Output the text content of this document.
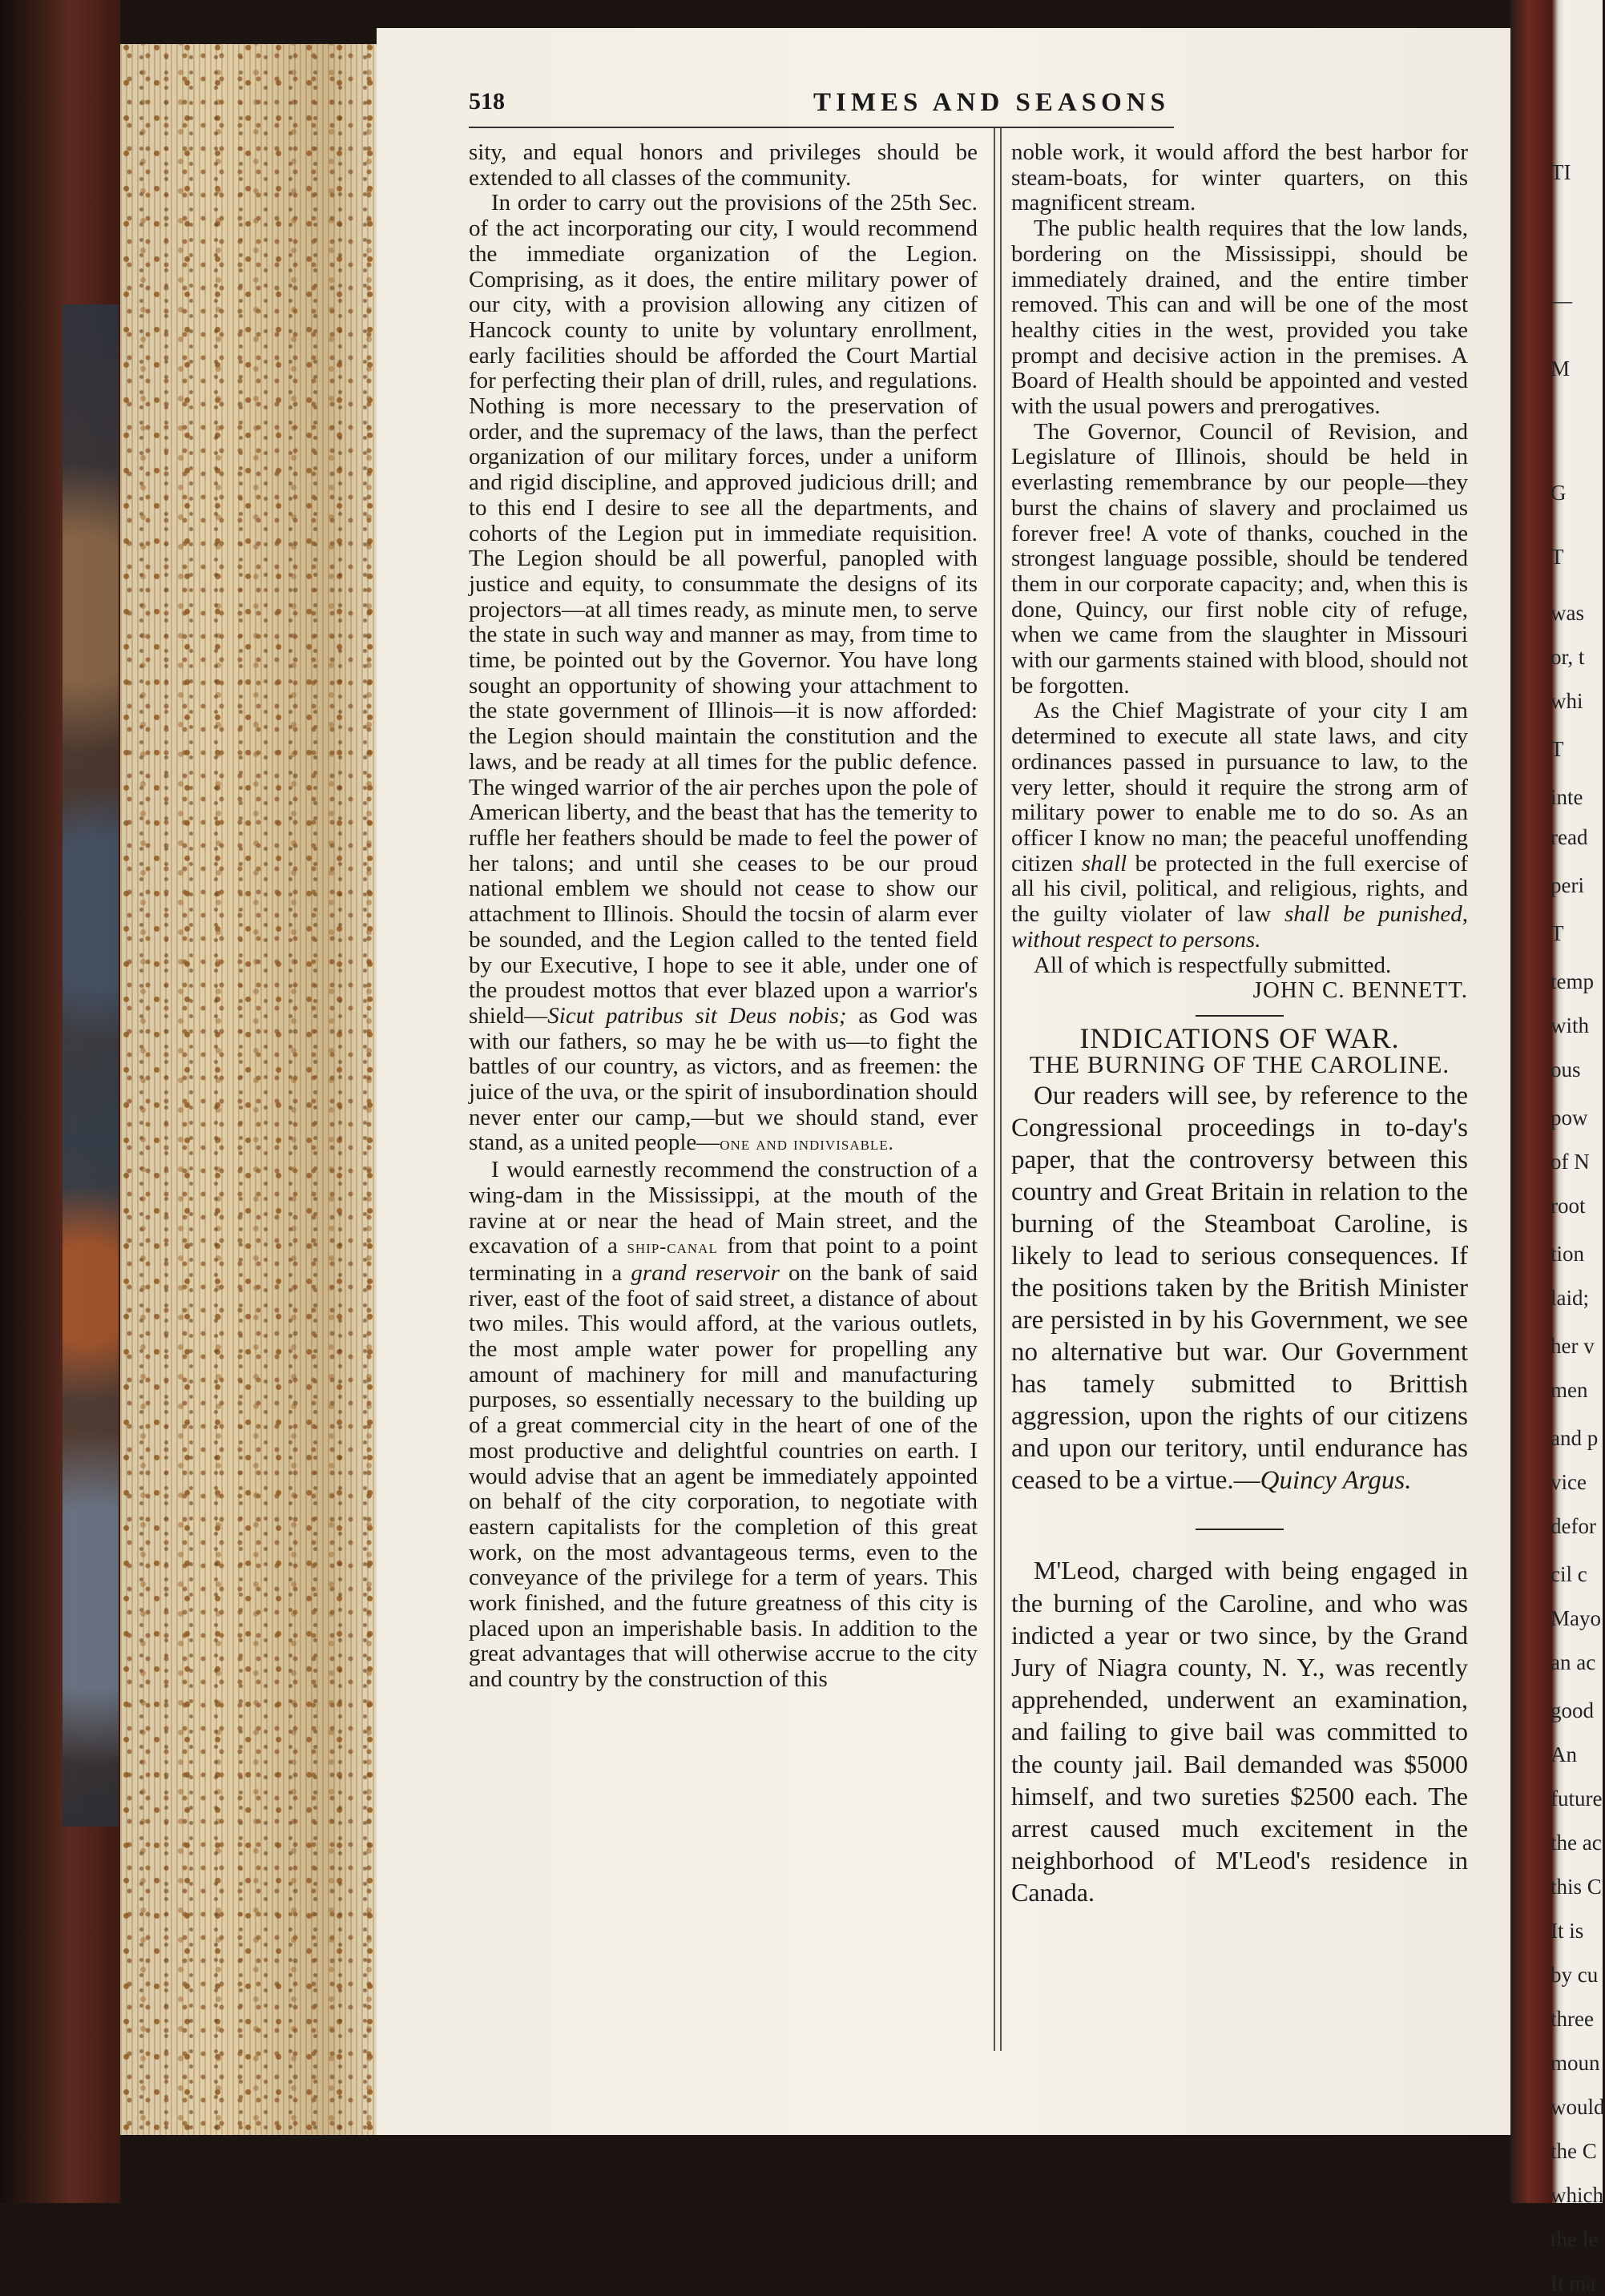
TI
—
M
G
T
was
or, t
whi
T
inte
read
peri
T
temp
with
ous
pow
of N
root
tion
laid;
her v
men
and p
vice
defor
cil c
Mayo
an ac
good
An
future
the ac
this C
It is
by cu
three
moun
would
the C
which
the le
It ma
518	TIMES AND SEASONS

sity, and equal honors and privileges should be extended to all classes of the community.

In order to carry out the provisions of the 25th Sec. of the act incorporating our city, I would recommend the immediate organization of the Legion. Comprising, as it does, the entire military power of our city, with a provision allowing any citizen of Hancock county to unite by voluntary enrollment, early facilities should be afforded the Court Martial for perfecting their plan of drill, rules, and regulations. Nothing is more necessary to the preservation of order, and the supremacy of the laws, than the perfect organization of our military forces, under a uniform and rigid discipline, and approved judicious drill; and to this end I desire to see all the departments, and cohorts of the Legion put in immediate requisition. The Legion should be all powerful, panopled with justice and equity, to consummate the designs of its projectors—at all times ready, as minute men, to serve the state in such way and manner as may, from time to time, be pointed out by the Governor. You have long sought an opportunity of showing your attachment to the state government of Illinois—it is now afforded: the Legion should maintain the constitution and the laws, and be ready at all times for the public defence. The winged warrior of the air perches upon the pole of American liberty, and the beast that has the temerity to ruffle her feathers should be made to feel the power of her talons; and until she ceases to be our proud national emblem we should not cease to show our attachment to Illinois. Should the tocsin of alarm ever be sounded, and the Legion called to the tented field by our Executive, I hope to see it able, under one of the proudest mottos that ever blazed upon a warrior's shield—Sicut patribus sit Deus nobis; as God was with our fathers, so may he be with us—to fight the battles of our country, as victors, and as freemen: the juice of the uva, or the spirit of insubordination should never enter our camp,—but we should stand, ever stand, as a united people—one and indivisable.

I would earnestly recommend the construction of a wing-dam in the Mississippi, at the mouth of the ravine at or near the head of Main street, and the excavation of a ship-canal from that point to a point terminating in a grand reservoir on the bank of said river, east of the foot of said street, a distance of about two miles. This would afford, at the various outlets, the most ample water power for propelling any amount of machinery for mill and manufacturing purposes, so essentially necessary to the building up of a great commercial city in the heart of one of the most productive and delightful countries on earth. I would advise that an agent be immediately appointed on behalf of the city corporation, to negotiate with eastern capitalists for the completion of this great work, on the most advantageous terms, even to the conveyance of the privilege for a term of years. This work finished, and the future greatness of this city is placed upon an imperishable basis. In addition to the great advantages that will otherwise accrue to the city and country by the construction of this

noble work, it would afford the best harbor for steam-boats, for winter quarters, on this magnificent stream.

The public health requires that the low lands, bordering on the Mississippi, should be immediately drained, and the entire timber removed. This can and will be one of the most healthy cities in the west, provided you take prompt and decisive action in the premises. A Board of Health should be appointed and vested with the usual powers and prerogatives.

The Governor, Council of Revision, and Legislature of Illinois, should be held in everlasting remembrance by our people—they burst the chains of slavery and proclaimed us forever free! A vote of thanks, couched in the strongest language possible, should be tendered them in our corporate capacity; and, when this is done, Quincy, our first noble city of refuge, when we came from the slaughter in Missouri with our garments stained with blood, should not be forgotten.

As the Chief Magistrate of your city I am determined to execute all state laws, and city ordinances passed in pursuance to law, to the very letter, should it require the strong arm of military power to enable me to do so. As an officer I know no man; the peaceful unoffending citizen shall be protected in the full exercise of all his civil, political, and religious, rights, and the guilty violater of law shall be punished, without respect to persons.

All of which is respectfully submitted.

JOHN C. BENNETT.

INDICATIONS OF WAR.
THE BURNING OF THE CAROLINE.

Our readers will see, by reference to the Congressional proceedings in to-day's paper, that the controversy between this country and Great Britain in relation to the burning of the Steamboat Caroline, is likely to lead to serious consequences. If the positions taken by the British Minister are persisted in by his Government, we see no alternative but war. Our Government has tamely submitted to Brittish aggression, upon the rights of our citizens and upon our teritory, until endurance has ceased to be a virtue.—Quincy Argus.

M'Leod, charged with being engaged in the burning of the Caroline, and who was indicted a year or two since, by the Grand Jury of Niagra county, N. Y., was recently apprehended, underwent an examination, and failing to give bail was committed to the county jail. Bail demanded was $5000 himself, and two sureties $2500 each. The arrest caused much excitement in the neighborhood of M'Leod's residence in Canada.
